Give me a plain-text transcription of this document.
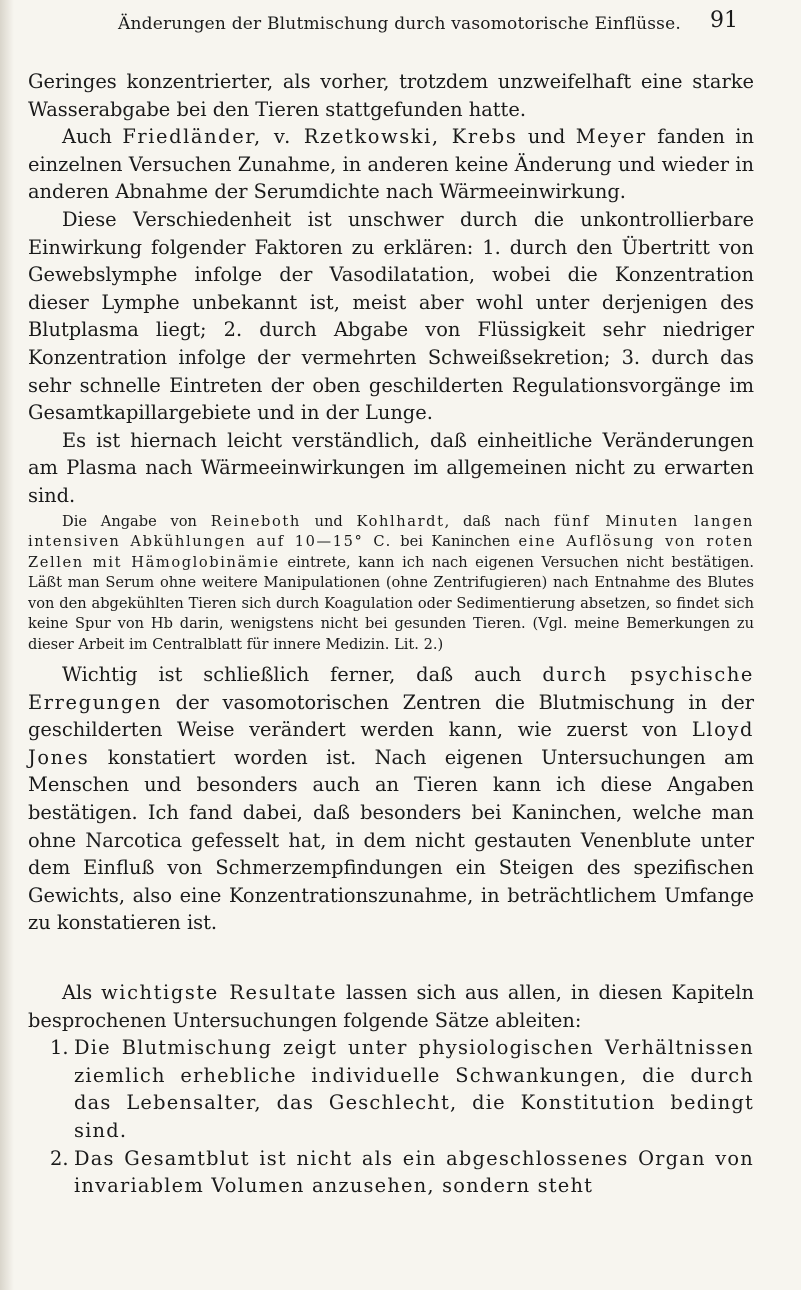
Änderungen der Blutmischung durch vasomotorische Einflüsse. 91

Geringes konzentrierter, als vorher, trotzdem unzweifelhaft eine starke Wasserabgabe bei den Tieren stattgefunden hatte.

Auch Friedländer, v. Rzetkowski, Krebs und Meyer fanden in einzelnen Versuchen Zunahme, in anderen keine Änderung und wieder in anderen Abnahme der Serumdichte nach Wärmeeinwirkung.

Diese Verschiedenheit ist unschwer durch die unkontrollierbare Einwirkung folgender Faktoren zu erklären: 1. durch den Übertritt von Gewebslymphe infolge der Vasodilatation, wobei die Konzentration dieser Lymphe unbekannt ist, meist aber wohl unter derjenigen des Blutplasma liegt; 2. durch Abgabe von Flüssigkeit sehr niedriger Konzentration infolge der vermehrten Schweißsekretion; 3. durch das sehr schnelle Eintreten der oben geschilderten Regulationsvorgänge im Gesamtkapillargebiete und in der Lunge.

Es ist hiernach leicht verständlich, daß einheitliche Veränderungen am Plasma nach Wärmeeinwirkungen im allgemeinen nicht zu erwarten sind.

Die Angabe von Reineboth und Kohlhardt, daß nach fünf Minuten langen intensiven Abkühlungen auf 10—15° C. bei Kaninchen eine Auflösung von roten Zellen mit Hämoglobinämie eintrete, kann ich nach eigenen Versuchen nicht bestätigen. Läßt man Serum ohne weitere Manipulationen (ohne Zentrifugieren) nach Entnahme des Blutes von den abgekühlten Tieren sich durch Koagulation oder Sedimentierung absetzen, so findet sich keine Spur von Hb darin, wenigstens nicht bei gesunden Tieren. (Vgl. meine Bemerkungen zu dieser Arbeit im Centralblatt für innere Medizin. Lit. 2.)

Wichtig ist schließlich ferner, daß auch durch psychische Erregungen der vasomotorischen Zentren die Blutmischung in der geschilderten Weise verändert werden kann, wie zuerst von Lloyd Jones konstatiert worden ist. Nach eigenen Untersuchungen am Menschen und besonders auch an Tieren kann ich diese Angaben bestätigen. Ich fand dabei, daß besonders bei Kaninchen, welche man ohne Narcotica gefesselt hat, in dem nicht gestauten Venenblute unter dem Einfluß von Schmerzempfindungen ein Steigen des spezifischen Gewichts, also eine Konzentrationszunahme, in beträchtlichem Umfange zu konstatieren ist.

Als wichtigste Resultate lassen sich aus allen, in diesen Kapiteln besprochenen Untersuchungen folgende Sätze ableiten:

1. Die Blutmischung zeigt unter physiologischen Verhältnissen ziemlich erhebliche individuelle Schwankungen, die durch das Lebensalter, das Geschlecht, die Konstitution bedingt sind.
2. Das Gesamtblut ist nicht als ein abgeschlossenes Organ von invariablem Volumen anzusehen, sondern steht
